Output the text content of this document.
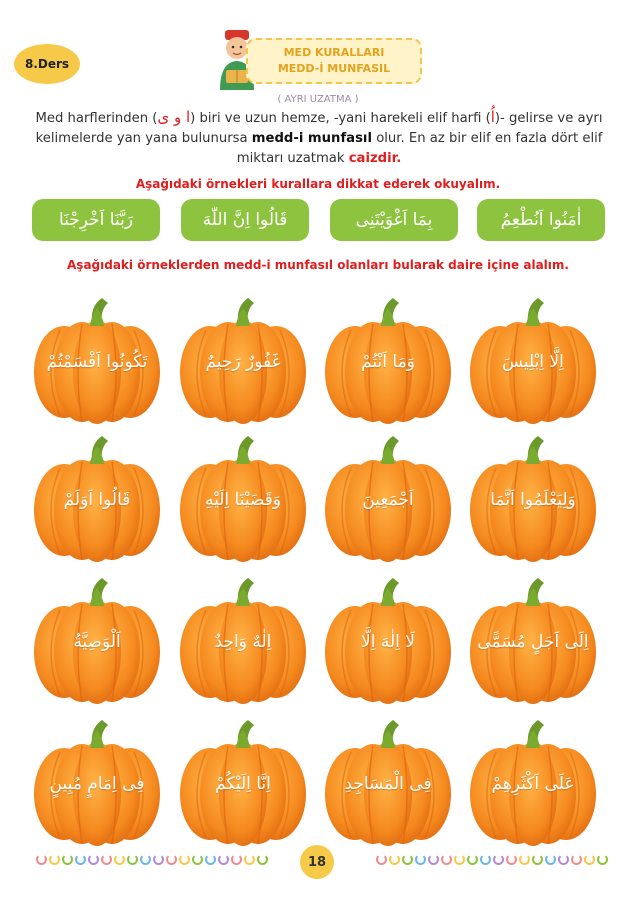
8.Ders
MED KURALLARI
MEDD-İ MUNFASIL
( AYRI UZATMA )
Med harflerinden (ا و ى) biri ve uzun hemze, -yani harekeli elif harfi (اُ)- gelirse ve ayrı kelimelerde yan yana bulunursa medd-i munfasıl olur. En az bir elif en fazla dört elif miktarı uzatmak caizdir.
Aşağıdaki örnekleri kurallara dikkat ederek okuyalım.
رَبَّنَا اَخْرِجْنَا	قَالُوا اِنَّ اللّٰهَ	بِمَا اَغْوَيْتَنِى	اٰمَنُوا اَنُطْعِمُ
Aşağıdaki örneklerden medd-i munfasıl olanları bularak daire içine alalım.
تَكُونُوا اَقْسَمْتُمْ	غَفُورٌ رَحِيمٌ	وَمَا اَنْتُمْ	اِلَّا اِبْلِيسَ
قَالُوا اَوَلَمْ	وَقَضَيْنَا اِلَيْهِ	اَجْمَعِينَ	وَلِيَعْلَمُوا اَنَّمَا
اَلْوَصِيَّةُ	اِلٰهٌ وَاحِدٌ	لَا اِلٰهَ اِلَّا	اِلَى اَجَلٍ مُسَمًّى
فِى اِمَامٍ مُبِينٍ	اِنَّا اِلَيْكُمْ	فِى الْمَسَاجِدِ	عَلَى اَكْثَرِهِمْ
18
